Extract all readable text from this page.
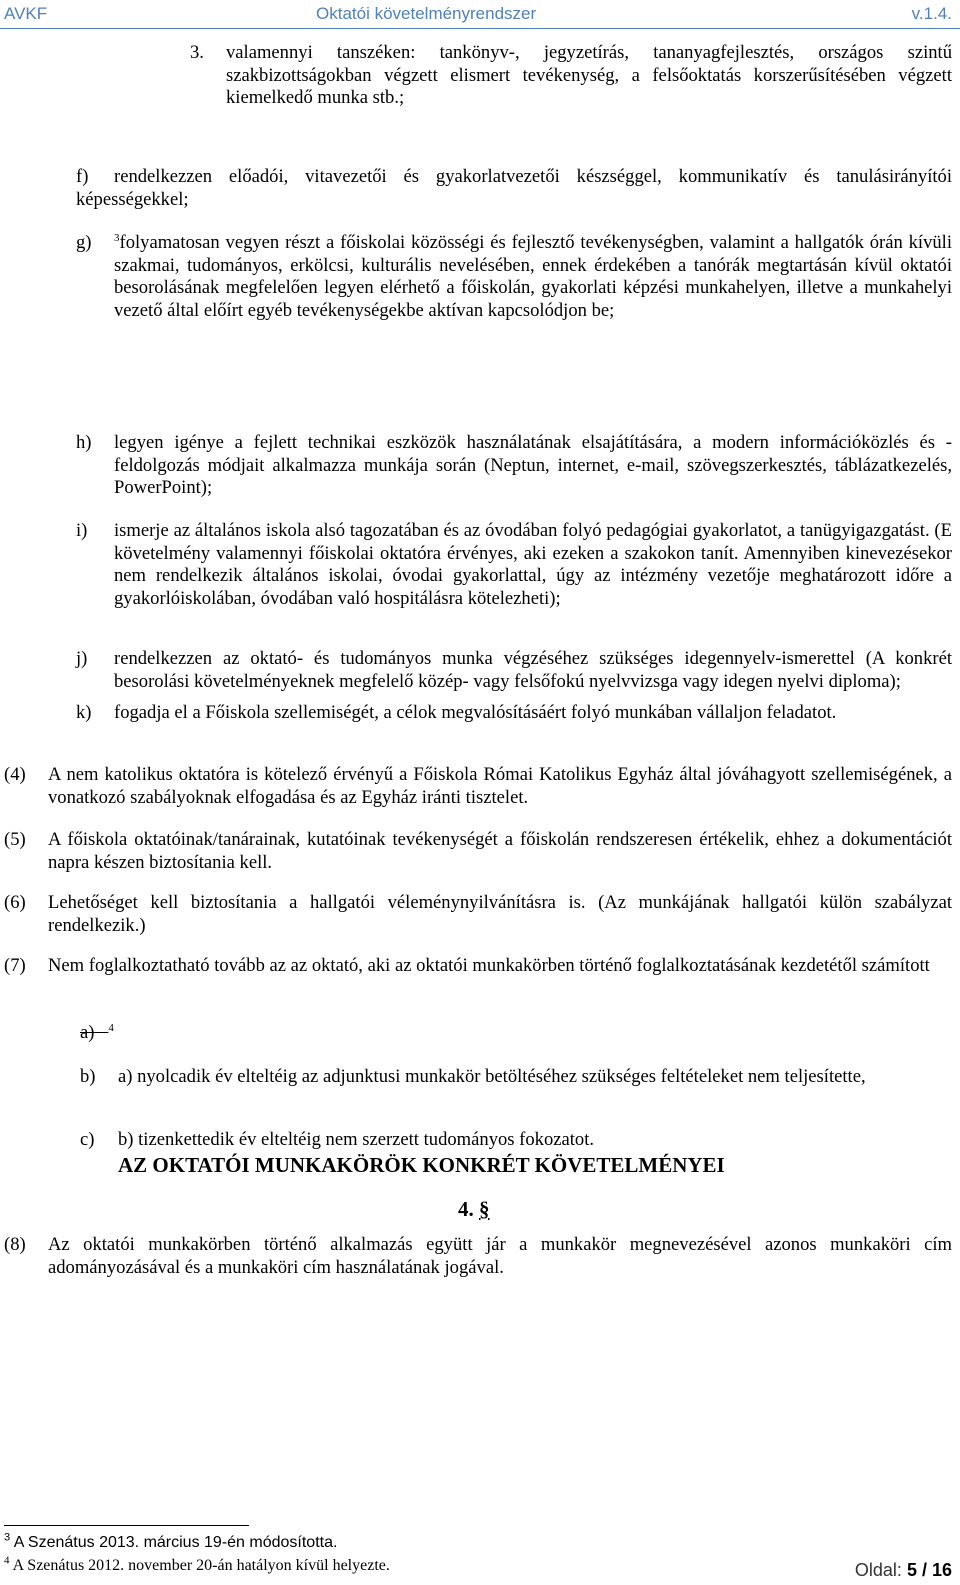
AVKF	Oktatói követelményrendszer	v.1.4.
3. valamennyi tanszéken: tankönyv-, jegyzetírás, tananyagfejlesztés, országos szintű szakbizottságokban végzett elismert tevékenység, a felsőoktatás korszerűsítésében végzett kiemelkedő munka stb.;

f)	rendelkezzen előadói, vitavezetői és gyakorlatvezetői készséggel, kommunikatív és tanulásirányítói képességekkel;

g) $^3$folyamatosan vegyen részt a főiskolai közösségi és fejlesztő tevékenységben, valamint a hallgatók órán kívüli szakmai, tudományos, erkölcsi, kulturális nevelésében, ennek érdekében a tanórák megtartásán kívül oktatói besorolásának megfelelően legyen elérhető a főiskolán, gyakorlati képzési munkahelyen, illetve a munkahelyi vezető által előírt egyéb tevékenységekbe aktívan kapcsolódjon be;
h) legyen igénye a fejlett technikai eszközök használatának elsajátítására, a modern információközlés és -feldolgozás módjait alkalmazza munkája során (Neptun, internet, e-mail, szövegszerkesztés, táblázatkezelés, PowerPoint);

i) ismerje az általános iskola alsó tagozatában és az óvodában folyó pedagógiai gyakorlatot, a tanügyigazgatást. (E követelmény valamennyi főiskolai oktatóra érvényes, aki ezeken a szakokon tanít. Amennyiben kinevezésekor nem rendelkezik általános iskolai, óvodai gyakorlattal, úgy az intézmény vezetője meghatározott időre a gyakorlóiskolában, óvodában való hospitálásra kötelezheti);

j) rendelkezzen az oktató- és tudományos munka végzéséhez szükséges idegennyelv-ismerettel (A konkrét besorolási követelményeknek megfelelő közép- vagy felsőfokú nyelvvizsga vagy idegen nyelvi diploma);

k) fogadja el a Főiskola szellemiségét, a célok megvalósításáért folyó munkában vállaljon feladatot.

(4) A nem katolikus oktatóra is kötelező érvényű a Főiskola Római Katolikus Egyház által jóváhagyott szellemiségének, a vonatkozó szabályoknak elfogadása és az Egyház iránti tisztelet.

(5) A főiskola oktatóinak/tanárainak, kutatóinak tevékenységét a főiskolán rendszeresen értékelik, ehhez a dokumentációt napra készen biztosítania kell.

(6) Lehetőséget kell biztosítania a hallgatói véleménynyilvánításra is. (Az munkájának hallgatói külön szabályzat rendelkezik.)

(7) Nem foglalkoztatható tovább az az oktató, aki az oktatói munkakörben történő foglalkoztatásának kezdetétől számított

a) $^4$
b) a) nyolcadik év elteltéig az adjunktusi munkakör betöltéséhez szükséges feltételeket nem teljesítette,

c) b) tizenkettedik év elteltéig nem szerzett tudományos fokozatot.

AZ OKTATÓI MUNKAKÖRÖK KONKRÉT KÖVETELMÉNYEI
4. §
(8) Az oktatói munkakörben történő alkalmazás együtt jár a munkakör megnevezésével azonos munkaköri cím adományozásával és a munkaköri cím használatának jogával.

$^3$ A Szenátus 2013. március 19-én módosította.
$^4$ A Szenátus 2012. november 20-án hatályon kívül helyezte.	Oldal: 5 / 16
